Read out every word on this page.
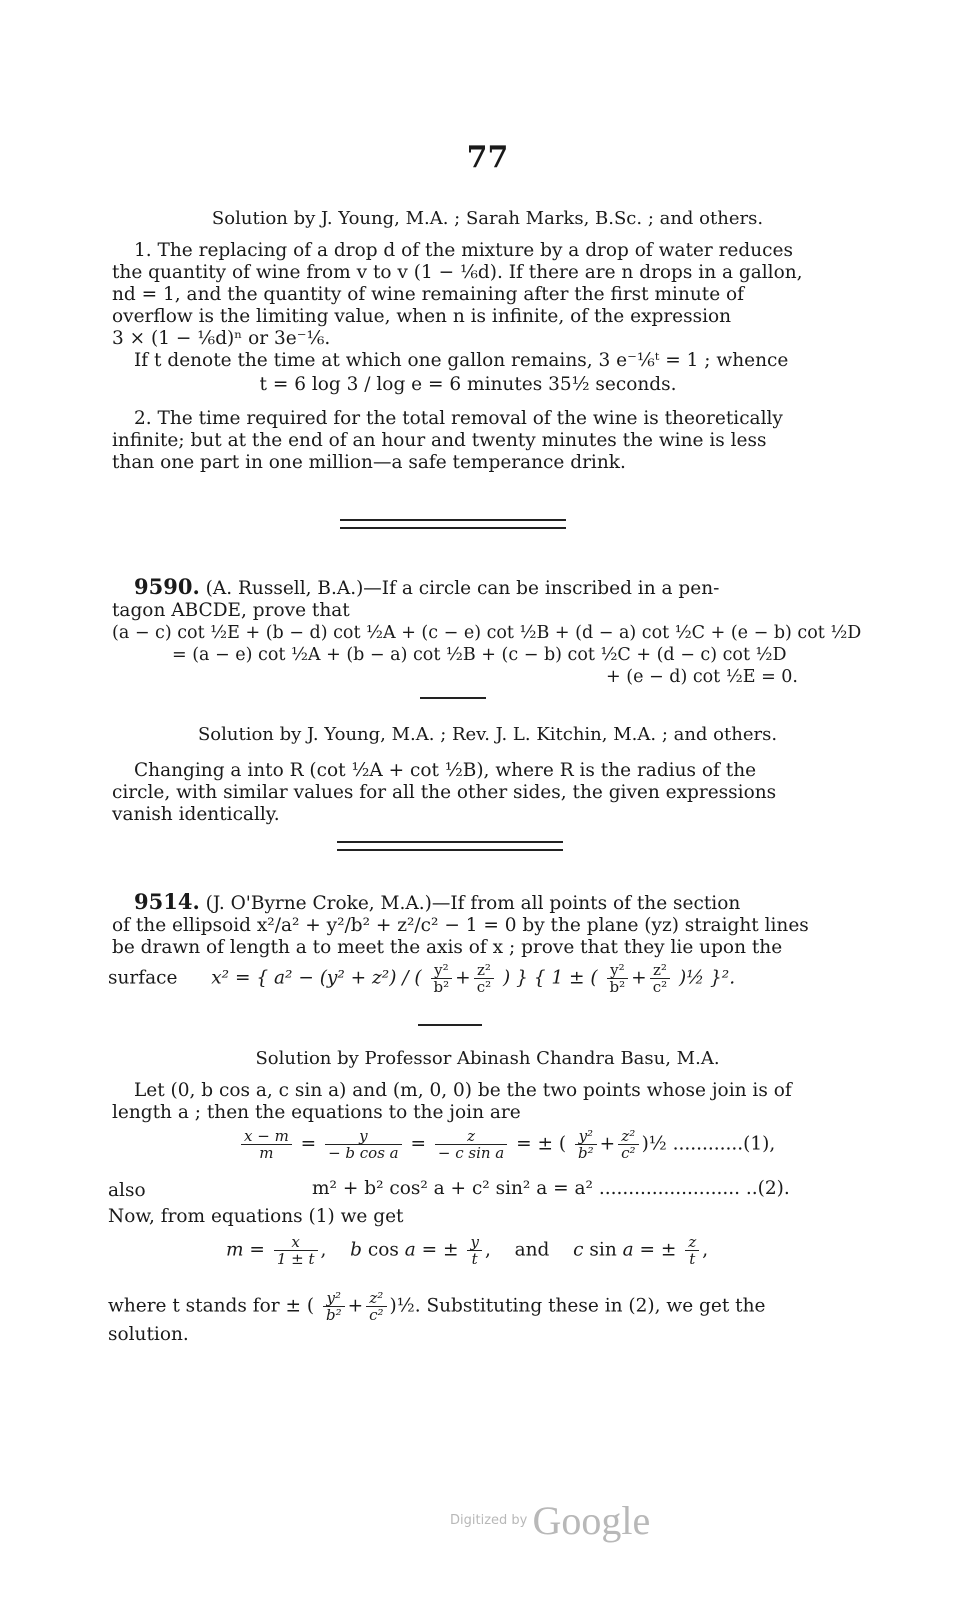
77
Solution by J. Young, M.A. ; Sarah Marks, B.Sc. ; and others.
1. The replacing of a drop d of the mixture by a drop of water reduces
the quantity of wine from v to v (1 − ⅙d). If there are n drops in a gallon,
nd = 1, and the quantity of wine remaining after the first minute of
overflow is the limiting value, when n is infinite, of the expression
3 × (1 − ⅙d)ⁿ or 3e⁻⅙.
If t denote the time at which one gallon remains, 3 e⁻⅙ᵗ = 1 ; whence
t = 6 log 3 / log e = 6 minutes 35½ seconds.
2. The time required for the total removal of the wine is theoretically
infinite; but at the end of an hour and twenty minutes the wine is less
than one part in one million—a safe temperance drink.
9590. (A. Russell, B.A.)—If a circle can be inscribed in a pen-
tagon ABCDE, prove that
(a − c) cot ½E + (b − d) cot ½A + (c − e) cot ½B + (d − a) cot ½C + (e − b) cot ½D
= (a − e) cot ½A + (b − a) cot ½B + (c − b) cot ½C + (d − c) cot ½D
+ (e − d) cot ½E = 0.
Solution by J. Young, M.A. ; Rev. J. L. Kitchin, M.A. ; and others.
Changing a into R (cot ½A + cot ½B), where R is the radius of the
circle, with similar values for all the other sides, the given expressions
vanish identically.
9514. (J. O'Byrne Croke, M.A.)—If from all points of the section
of the ellipsoid x²/a² + y²/b² + z²/c² − 1 = 0 by the plane (yz) straight lines
be drawn of length a to meet the axis of x ; prove that they lie upon the
surface x² = { a² − (y² + z²) / ( $\frac{\text{y²}}{\text{b²}} + \frac{\text{z²}}{\text{c²}}$ ) } { 1 ± ( $\frac{\text{y²}}{\text{b²}} + \frac{\text{z²}}{\text{c²}}$ )½ }².
Solution by Professor Abinash Chandra Basu, M.A.
Let (0, b cos a, c sin a) and (m, 0, 0) be the two points whose join is of
length a ; then the equations to the join are
$\frac{x - m}{m} = \frac{y}{\text{− b cos a}} = \frac{z}{\text{− c sin a}}$ = ± ( $\frac{\text{y²}}{\text{b²}} + \frac{\text{z²}}{\text{c²}}$ )½ ............(1),
also	m² + b² cos² a + c² sin² a = a² ........................ ..(2).
Now, from equations (1) we get
$m = \frac{x}{1 \pm t}$ ,  b cos a = ± $\frac{y}{t}$ ,  and  c sin a = ± $\frac{z}{t}$ ,
where t stands for ± ( $\frac{\text{y²}}{\text{b²}} + \frac{\text{z²}}{\text{c²}}$ )½. Substituting these in (2), we get the
solution.
Digitized by Google
